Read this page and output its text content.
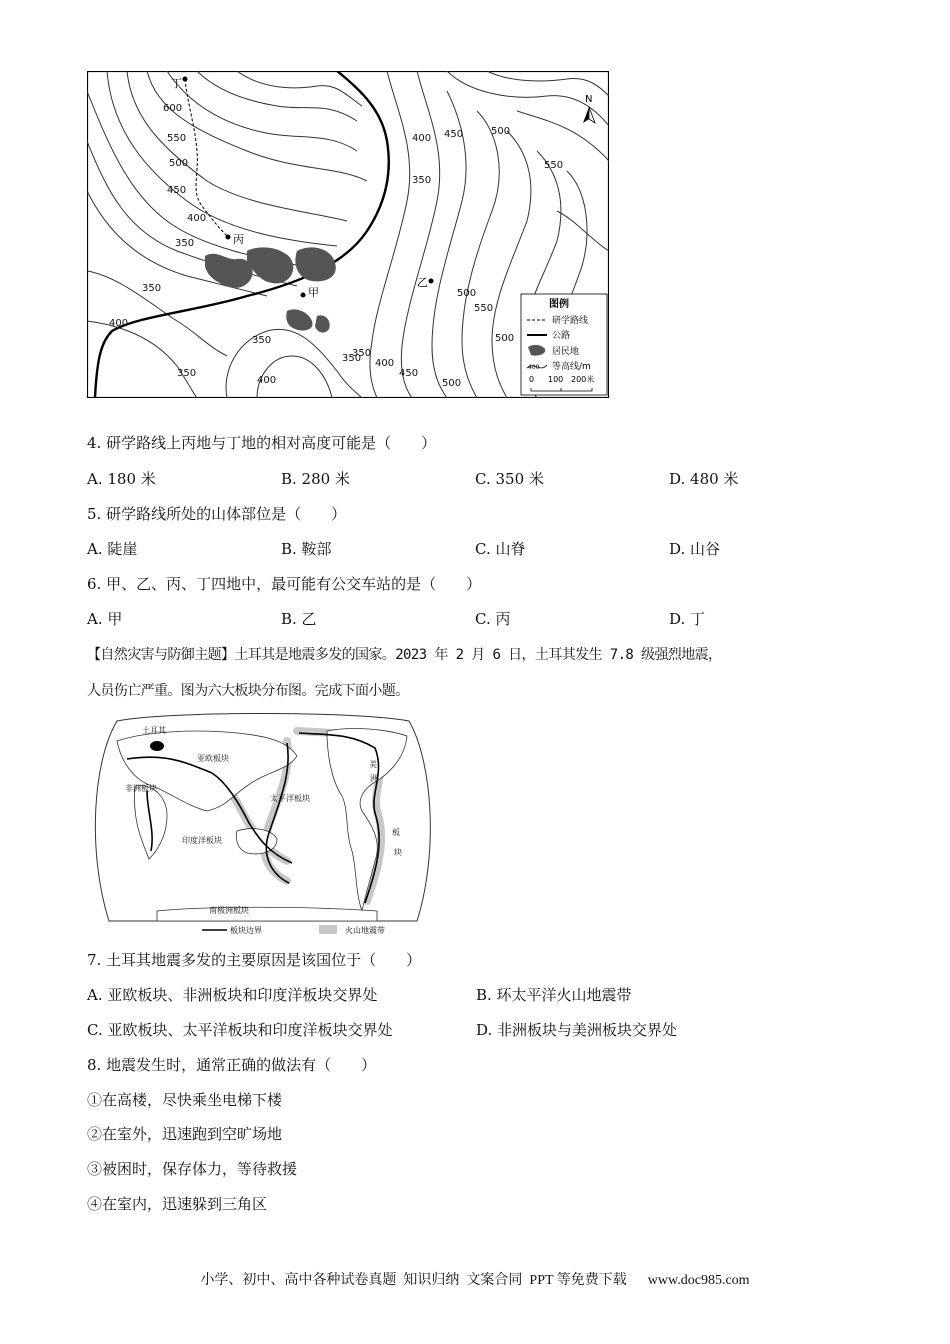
丁
丙
甲
乙
600
550
500
450
400
350
350
400
350
350
350
400
400 450	500
500
550
350
500
550
400
450
500
350
N
图例
研学路线
公路
居民地
400 等高线/m
0 100 200米
4. 研学路线上丙地与丁地的相对高度可能是（　　）
A. 180 米	B. 280 米	C. 350 米	D. 480 米
5. 研学路线所处的山体部位是（　　）
A. 陡崖	B. 鞍部	C. 山脊	D. 山谷
6. 甲、乙、丙、丁四地中，最可能有公交车站的是（　　）
A. 甲	B. 乙	C. 丙	D. 丁
【自然灾害与防御主题】土耳其是地震多发的国家。2023 年 2 月 6 日，土耳其发生 7.8 级强烈地震，
人员伤亡严重。图为六大板块分布图。完成下面小题。
土耳其
亚欧板块
非洲板块
太平洋板块
美
洲
板
块
印度洋板块
南极洲板块
板块边界	火山地震带
7. 土耳其地震多发的主要原因是该国位于（　　）
A. 亚欧板块、非洲板块和印度洋板块交界处	B. 环太平洋火山地震带
C. 亚欧板块、太平洋板块和印度洋板块交界处	D. 非洲板块与美洲板块交界处
8. 地震发生时，通常正确的做法有（　　）
①在高楼，尽快乘坐电梯下楼
②在室外，迅速跑到空旷场地
③被困时，保存体力，等待救援
④在室内，迅速躲到三角区
小学、初中、高中各种试卷真题  知识归纳  文案合同  PPT 等免费下载      www.doc985.com
